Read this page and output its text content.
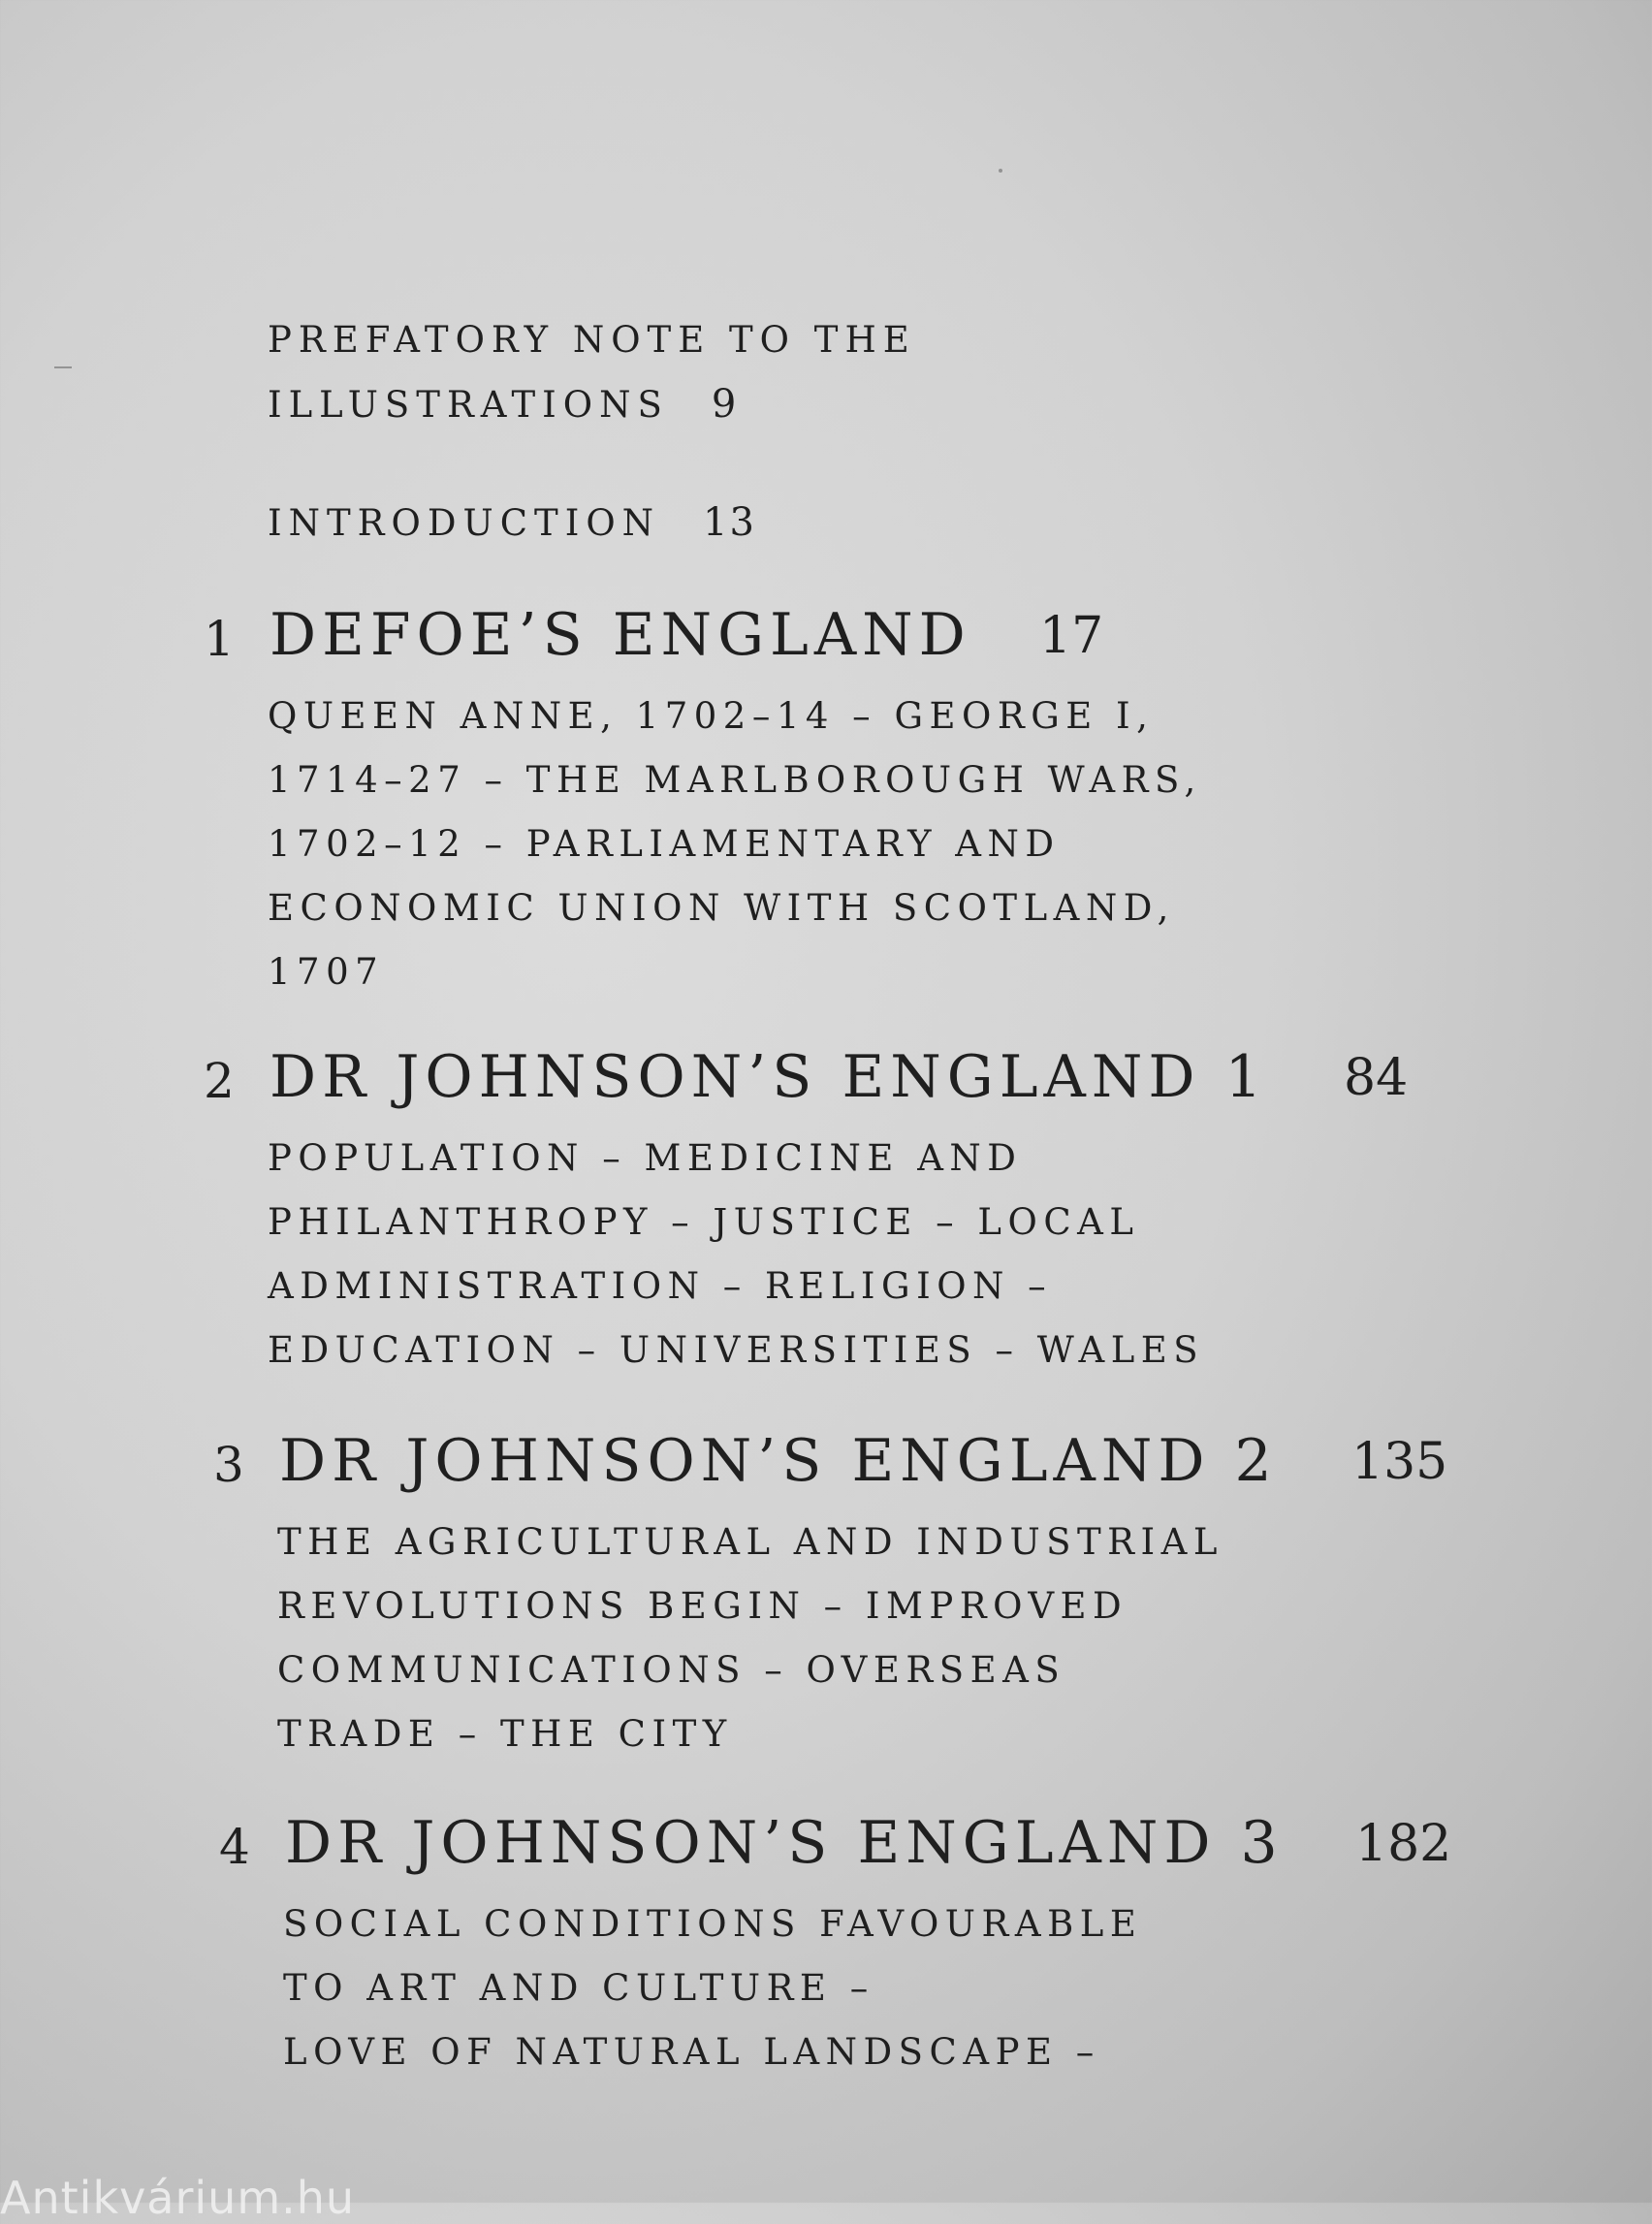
PREFATORY NOTE TO THE
ILLUSTRATIONS 9
INTRODUCTION 13
1 DEFOE’S ENGLAND 17
QUEEN ANNE, 1702–14 – GEORGE I,
1714–27 – THE MARLBOROUGH WARS,
1702–12 – PARLIAMENTARY AND
ECONOMIC UNION WITH SCOTLAND,
1707
2 DR JOHNSON’S ENGLAND 1 84
POPULATION – MEDICINE AND
PHILANTHROPY – JUSTICE – LOCAL
ADMINISTRATION – RELIGION –
EDUCATION – UNIVERSITIES – WALES
3 DR JOHNSON’S ENGLAND 2 135
THE AGRICULTURAL AND INDUSTRIAL
REVOLUTIONS BEGIN – IMPROVED
COMMUNICATIONS – OVERSEAS
TRADE – THE CITY
4 DR JOHNSON’S ENGLAND 3 182
SOCIAL CONDITIONS FAVOURABLE
TO ART AND CULTURE –
LOVE OF NATURAL LANDSCAPE –
Antikvárium.hu
